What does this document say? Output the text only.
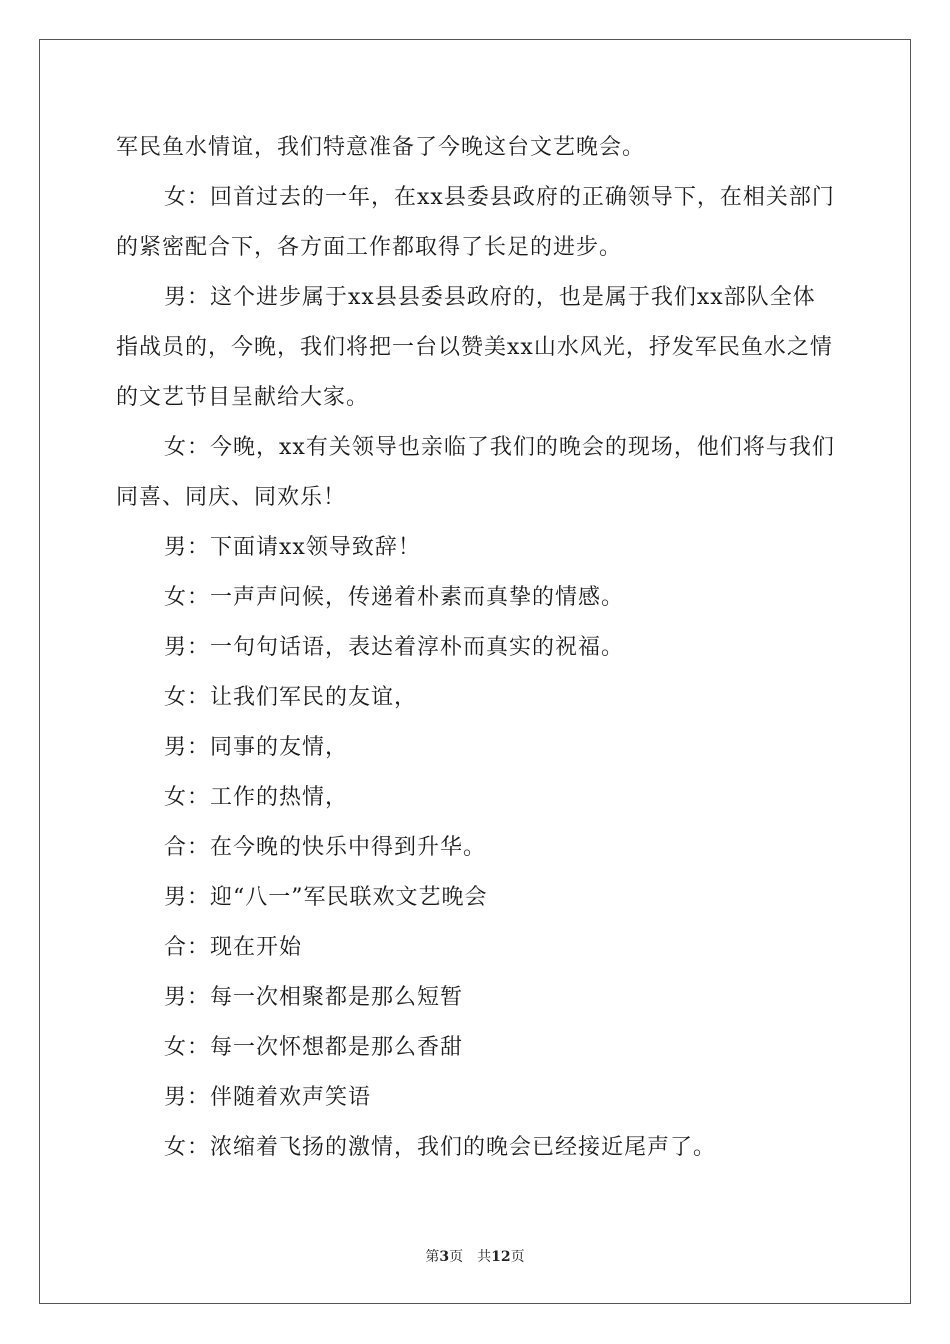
军民鱼水情谊，我们特意准备了今晚这台文艺晚会。

女：回首过去的一年，在xx县委县政府的正确领导下，在相关部门的紧密配合下，各方面工作都取得了长足的进步。

男：这个进步属于xx县县委县政府的，也是属于我们xx部队全体指战员的，今晚，我们将把一台以赞美xx山水风光，抒发军民鱼水之情的文艺节目呈献给大家。

女：今晚，xx有关领导也亲临了我们的晚会的现场，他们将与我们同喜、同庆、同欢乐！

男：下面请xx领导致辞！

女：一声声问候，传递着朴素而真挚的情感。

男：一句句话语，表达着淳朴而真实的祝福。

女：让我们军民的友谊，

男：同事的友情，

女：工作的热情，

合：在今晚的快乐中得到升华。

男：迎“八一”军民联欢文艺晚会

合：现在开始

男：每一次相聚都是那么短暂

女：每一次怀想都是那么香甜

男：伴随着欢声笑语

女：浓缩着飞扬的激情，我们的晚会已经接近尾声了。

第3页 共12页
